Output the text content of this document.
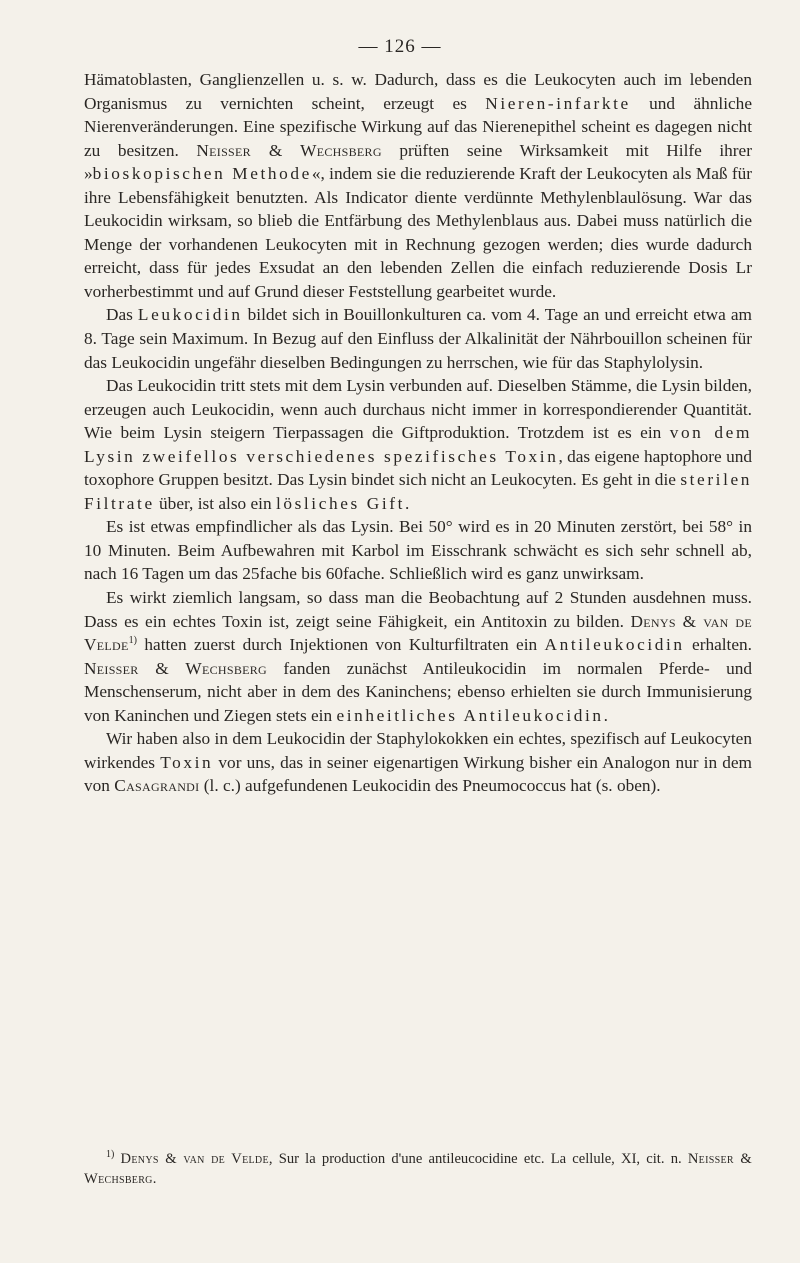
— 126 —

Hämatoblasten, Ganglienzellen u. s. w. Dadurch, dass es die Leukocyten auch im lebenden Organismus zu vernichten scheint, erzeugt es Nieren-infarkte und ähnliche Nierenveränderungen. Eine spezifische Wirkung auf das Nierenepithel scheint es dagegen nicht zu besitzen. Neisser & Wechsberg prüften seine Wirksamkeit mit Hilfe ihrer »bioskopischen Methode«, indem sie die reduzierende Kraft der Leukocyten als Maß für ihre Lebensfähigkeit benutzten. Als Indicator diente verdünnte Methylenblaulösung. War das Leukocidin wirksam, so blieb die Entfärbung des Methylenblaus aus. Dabei muss natürlich die Menge der vorhandenen Leukocyten mit in Rechnung gezogen werden; dies wurde dadurch erreicht, dass für jedes Exsudat an den lebenden Zellen die einfach reduzierende Dosis Lr vorherbestimmt und auf Grund dieser Feststellung gearbeitet wurde.

Das Leukocidin bildet sich in Bouillonkulturen ca. vom 4. Tage an und erreicht etwa am 8. Tage sein Maximum. In Bezug auf den Einfluss der Alkalinität der Nährbouillon scheinen für das Leukocidin ungefähr dieselben Bedingungen zu herrschen, wie für das Staphylolysin.

Das Leukocidin tritt stets mit dem Lysin verbunden auf. Dieselben Stämme, die Lysin bilden, erzeugen auch Leukocidin, wenn auch durchaus nicht immer in korrespondierender Quantität. Wie beim Lysin steigern Tierpassagen die Giftproduktion. Trotzdem ist es ein von dem Lysin zweifellos verschiedenes spezifisches Toxin, das eigene haptophore und toxophore Gruppen besitzt. Das Lysin bindet sich nicht an Leukocyten. Es geht in die sterilen Filtrate über, ist also ein lösliches Gift.

Es ist etwas empfindlicher als das Lysin. Bei 50° wird es in 20 Minuten zerstört, bei 58° in 10 Minuten. Beim Aufbewahren mit Karbol im Eisschrank schwächt es sich sehr schnell ab, nach 16 Tagen um das 25fache bis 60fache. Schließlich wird es ganz unwirksam.

Es wirkt ziemlich langsam, so dass man die Beobachtung auf 2 Stunden ausdehnen muss. Dass es ein echtes Toxin ist, zeigt seine Fähigkeit, ein Antitoxin zu bilden. Denys & van de Velde$^{1)}$ hatten zuerst durch Injektionen von Kulturfiltraten ein Antileukocidin erhalten. Neisser & Wechsberg fanden zunächst Antileukocidin im normalen Pferde- und Menschenserum, nicht aber in dem des Kaninchens; ebenso erhielten sie durch Immunisierung von Kaninchen und Ziegen stets ein einheitliches Antileukocidin.

Wir haben also in dem Leukocidin der Staphylokokken ein echtes, spezifisch auf Leukocyten wirkendes Toxin vor uns, das in seiner eigenartigen Wirkung bisher ein Analogon nur in dem von Casagrandi (l. c.) aufgefundenen Leukocidin des Pneumococcus hat (s. oben).

$^{1)}$ Denys & van de Velde, Sur la production d'une antileucocidine etc. La cellule, XI, cit. n. Neisser & Wechsberg.
